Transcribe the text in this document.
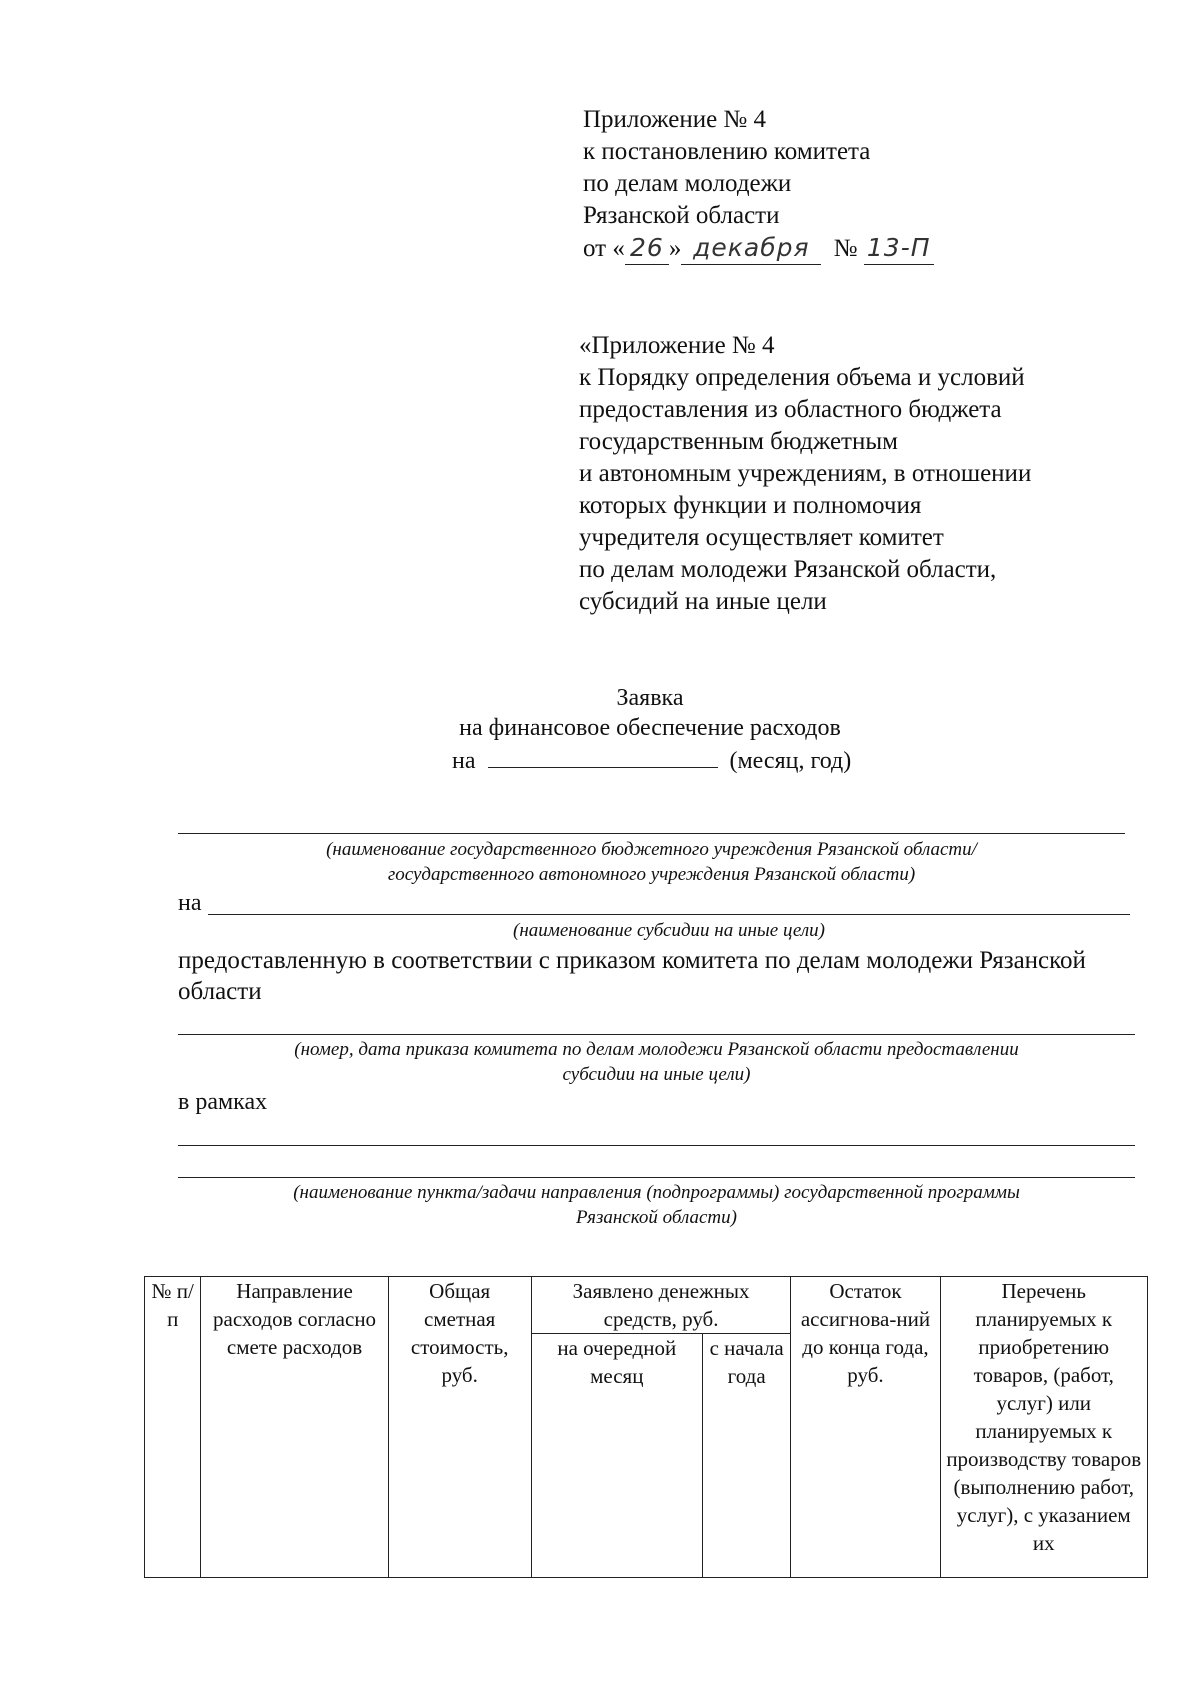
Приложение № 4
к постановлению комитета
по делам молодежи
Рязанской области
от « 26 » декабря № 13-П
«Приложение № 4
к Порядку определения объема и условий
предоставления из областного бюджета
государственным бюджетным
и автономным учреждениям, в отношении
которых функции и полномочия
учредителя осуществляет комитет
по делам молодежи Рязанской области,
субсидий на иные цели
Заявка
на финансовое обеспечение расходов
на	(месяц, год)
(наименование государственного бюджетного учреждения Рязанской области/
государственного автономного учреждения Рязанской области)
на
(наименование субсидии на иные цели)
предоставленную в соответствии с приказом комитета по делам молодежи Рязанской
области
(номер, дата приказа комитета по делам молодежи Рязанской области предоставлении
субсидии на иные цели)
в рамках
(наименование пункта/задачи направления (подпрограммы) государственной программы
Рязанской области)
№ п/п	Направление расходов согласно смете расходов	Общая сметная стоимость, руб.	Заявлено денежных средств, руб.		Остаток ассигнова-ний до конца года, руб.	Перечень планируемых к приобретению товаров, (работ, услуг) или планируемых к производству товаров (выполнению работ, услуг), с указанием их
			на очередной месяц	с начала года		
